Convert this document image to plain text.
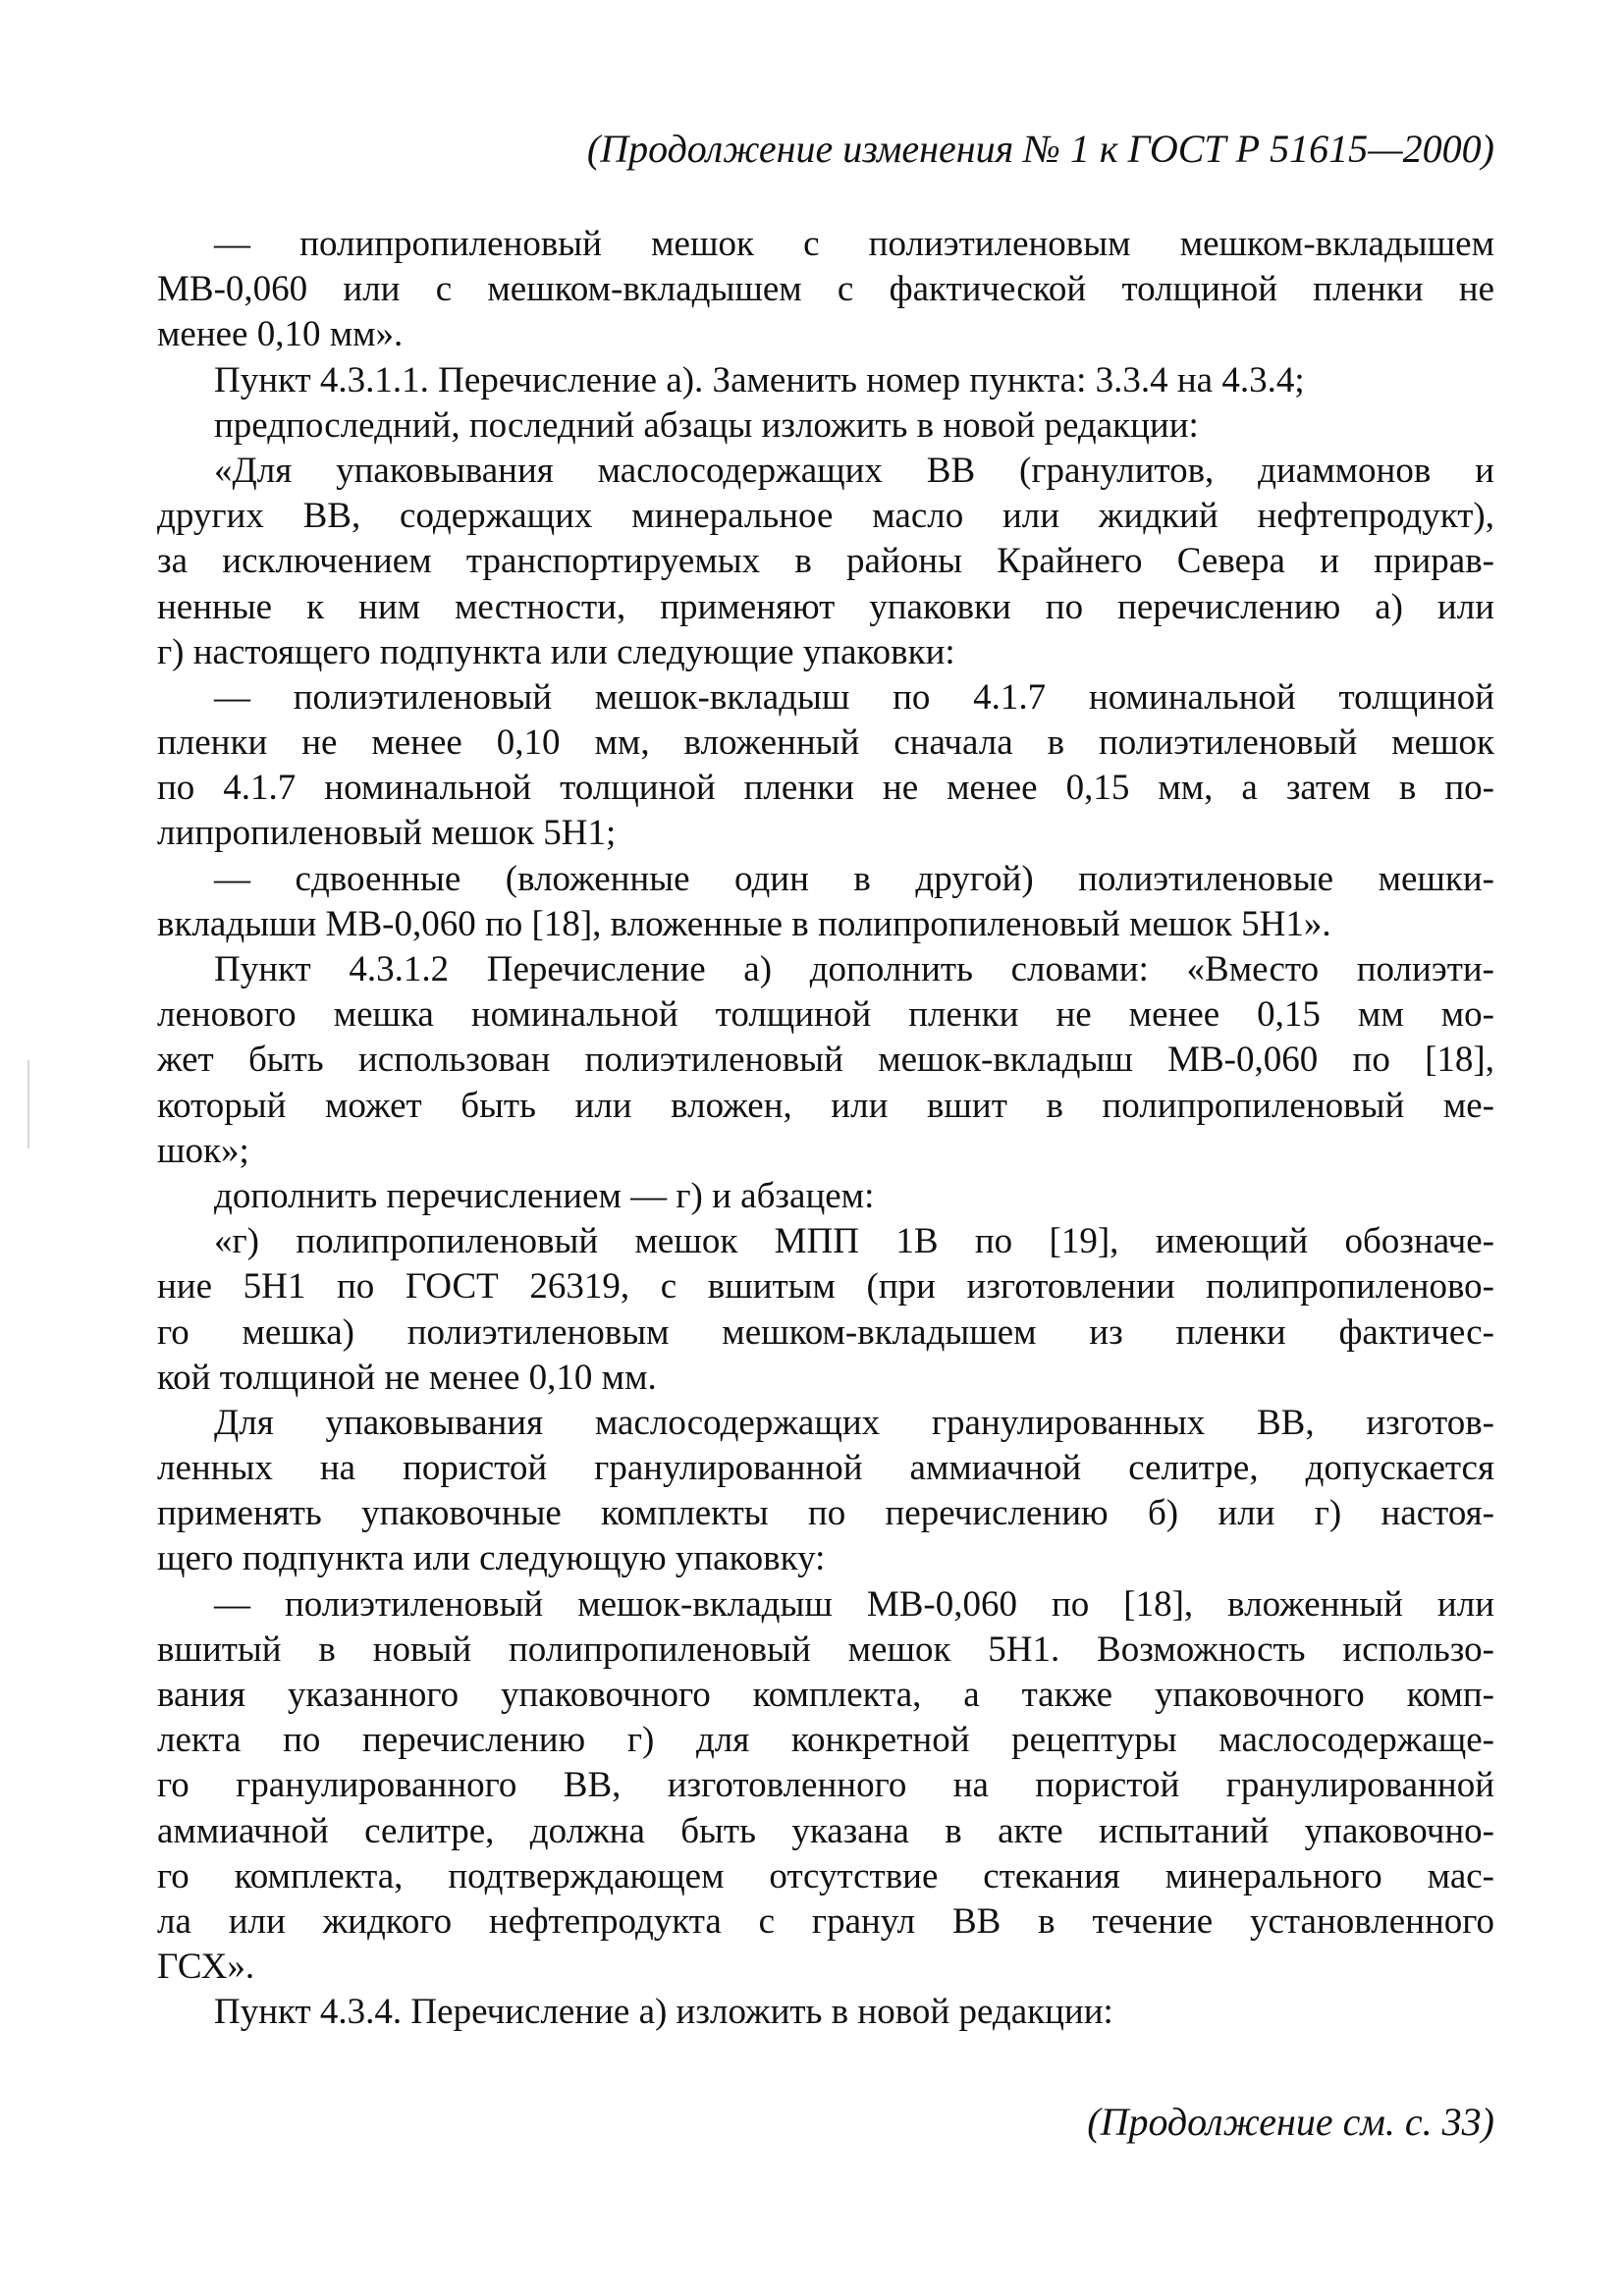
(Продолжение изменения № 1 к ГОСТ Р 51615—2000)
— полипропиленовый мешок с полиэтиленовым мешком-вкладышем
МВ-0,060 или с мешком-вкладышем с фактической толщиной пленки не
менее 0,10 мм».
Пункт 4.3.1.1. Перечисление а). Заменить номер пункта: 3.3.4 на 4.3.4;
предпоследний, последний абзацы изложить в новой редакции:
«Для упаковывания маслосодержащих ВВ (гранулитов, диаммонов и
других ВВ, содержащих минеральное масло или жидкий нефтепродукт),
за исключением транспортируемых в районы Крайнего Севера и прирав-
ненные к ним местности, применяют упаковки по перечислению а) или
г) настоящего подпункта или следующие упаковки:
— полиэтиленовый мешок-вкладыш по 4.1.7 номинальной толщиной
пленки не менее 0,10 мм, вложенный сначала в полиэтиленовый мешок
по 4.1.7 номинальной толщиной пленки не менее 0,15 мм, а затем в по-
липропиленовый мешок 5Н1;
— сдвоенные (вложенные один в другой) полиэтиленовые мешки-
вкладыши МВ-0,060 по [18], вложенные в полипропиленовый мешок 5Н1».
Пункт 4.3.1.2 Перечисление а) дополнить словами: «Вместо полиэти-
ленового мешка номинальной толщиной пленки не менее 0,15 мм мо-
жет быть использован полиэтиленовый мешок-вкладыш МВ-0,060 по [18],
который может быть или вложен, или вшит в полипропиленовый ме-
шок»;
дополнить перечислением — г) и абзацем:
«г) полипропиленовый мешок МПП 1В по [19], имеющий обозначе-
ние 5Н1 по ГОСТ 26319, с вшитым (при изготовлении полипропиленово-
го мешка) полиэтиленовым мешком-вкладышем из пленки фактичес-
кой толщиной не менее 0,10 мм.
Для упаковывания маслосодержащих гранулированных ВВ, изготов-
ленных на пористой гранулированной аммиачной селитре, допускается
применять упаковочные комплекты по перечислению б) или г) настоя-
щего подпункта или следующую упаковку:
— полиэтиленовый мешок-вкладыш МВ-0,060 по [18], вложенный или
вшитый в новый полипропиленовый мешок 5Н1. Возможность использо-
вания указанного упаковочного комплекта, а также упаковочного комп-
лекта по перечислению г) для конкретной рецептуры маслосодержаще-
го гранулированного ВВ, изготовленного на пористой гранулированной
аммиачной селитре, должна быть указана в акте испытаний упаковочно-
го комплекта, подтверждающем отсутствие стекания минерального мас-
ла или жидкого нефтепродукта с гранул ВВ в течение установленного
ГСХ».
Пункт 4.3.4. Перечисление а) изложить в новой редакции:
(Продолжение см. с. 33)
